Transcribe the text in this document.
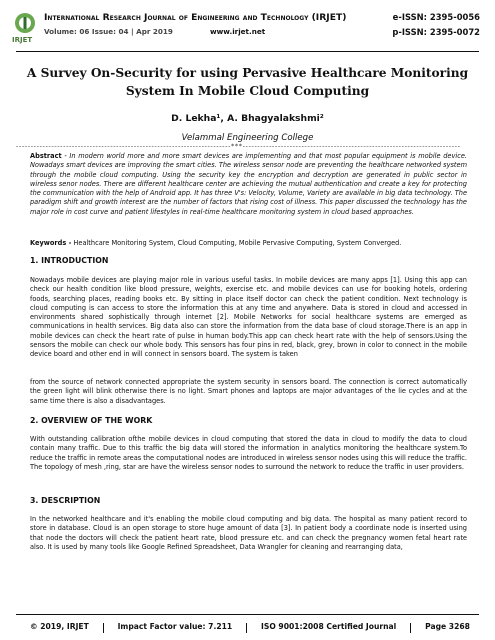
IRJET
International Research Journal of Engineering and Technology (IRJET)
Volume: 06 Issue: 04 | Apr 2019	www.irjet.net
e-ISSN: 2395-0056
p-ISSN: 2395-0072
A Survey On-Security for using Pervasive Healthcare Monitoring System In Mobile Cloud Computing
D. Lekha¹, A. Bhagyalakshmi²
Velammal Engineering College
-------------------------------------------------------------------------***--------------------------------------------------------------------------
Abstract - In modern world more and more smart devices are implementing and that most popular equipment is mobile device. Nowadays smart devices are improving the smart cities. The wireless sensor node are preventing the healthcare networked system through the mobile cloud computing. Using the security key the encryption and decryption are generated in public sector in wireless senor nodes. There are different healthcare center are achieving the mutual authentication and create a key for protecting the communication with the help of Android app. It has three V's: Velocity, Volume, Variety are available in big data technology. The paradigm shift and growth interest are the number of factors that rising cost of illness. This paper discussed the technology has the major role in cost curve and patient lifestyles in real-time healthcare monitoring system in cloud based approaches.
Keywords - Healthcare Monitoring System, Cloud Computing, Mobile Pervasive Computing, System Converged.
1. INTRODUCTION
Nowadays mobile devices are playing major role in various useful tasks. In mobile devices are many apps [1]. Using this app can check our health condition like blood pressure, weights, exercise etc. and mobile devices can use for booking hotels, ordering foods, searching places, reading books etc. By sitting in place itself doctor can check the patient condition. Next technology is cloud computing is can access to store the information this at any time and anywhere. Data is stored in cloud and accessed in environments shared sophistically through internet [2]. Mobile Networks for social healthcare systems are emerged as communications in health services. Big data also can store the information from the data base of cloud storage.There is an app in mobile devices can check the heart rate of pulse in human body.This app can check heart rate with the help of sensors.Using the sensors the mobile can check our whole body. This sensors has four pins in red, black, grey, brown in color to connect in the mobile device board and other end in will connect in sensors board. The system is taken
from the source of network connected appropriate the system security in sensors board. The connection is correct automatically the green light will blink otherwise there is no light. Smart phones and laptops are major advantages of the lie cycles and at the same time there is also a disadvantages.
2. OVERVIEW OF THE WORK
With outstanding calibration ofthe mobile devices in cloud computing that stored the data in cloud to modify the data to cloud contain many traffic. Due to this traffic the big data will stored the information in analytics monitoring the healthcare system.To reduce the traffic in remote areas the computational nodes are introduced in wireless sensor nodes using this will reduce the traffic. The topology of mesh ,ring, star are have the wireless sensor nodes to surround the network to reduce the traffic in user providers.
3. DESCRIPTION
In the networked healthcare and it's enabling the mobile cloud computing and big data. The hospital as many patient record to store in database. Cloud is an open storage to store huge amount of data [3]. In patient body a coordinate node is inserted using that node the doctors will check the patient heart rate, blood pressure etc. and can check the pregnancy women fetal heart rate also. It is used by many tools like Google Refined Spreadsheet, Data Wrangler for cleaning and rearranging data,
© 2019, IRJET	Impact Factor value: 7.211	ISO 9001:2008 Certified Journal	Page 3268
